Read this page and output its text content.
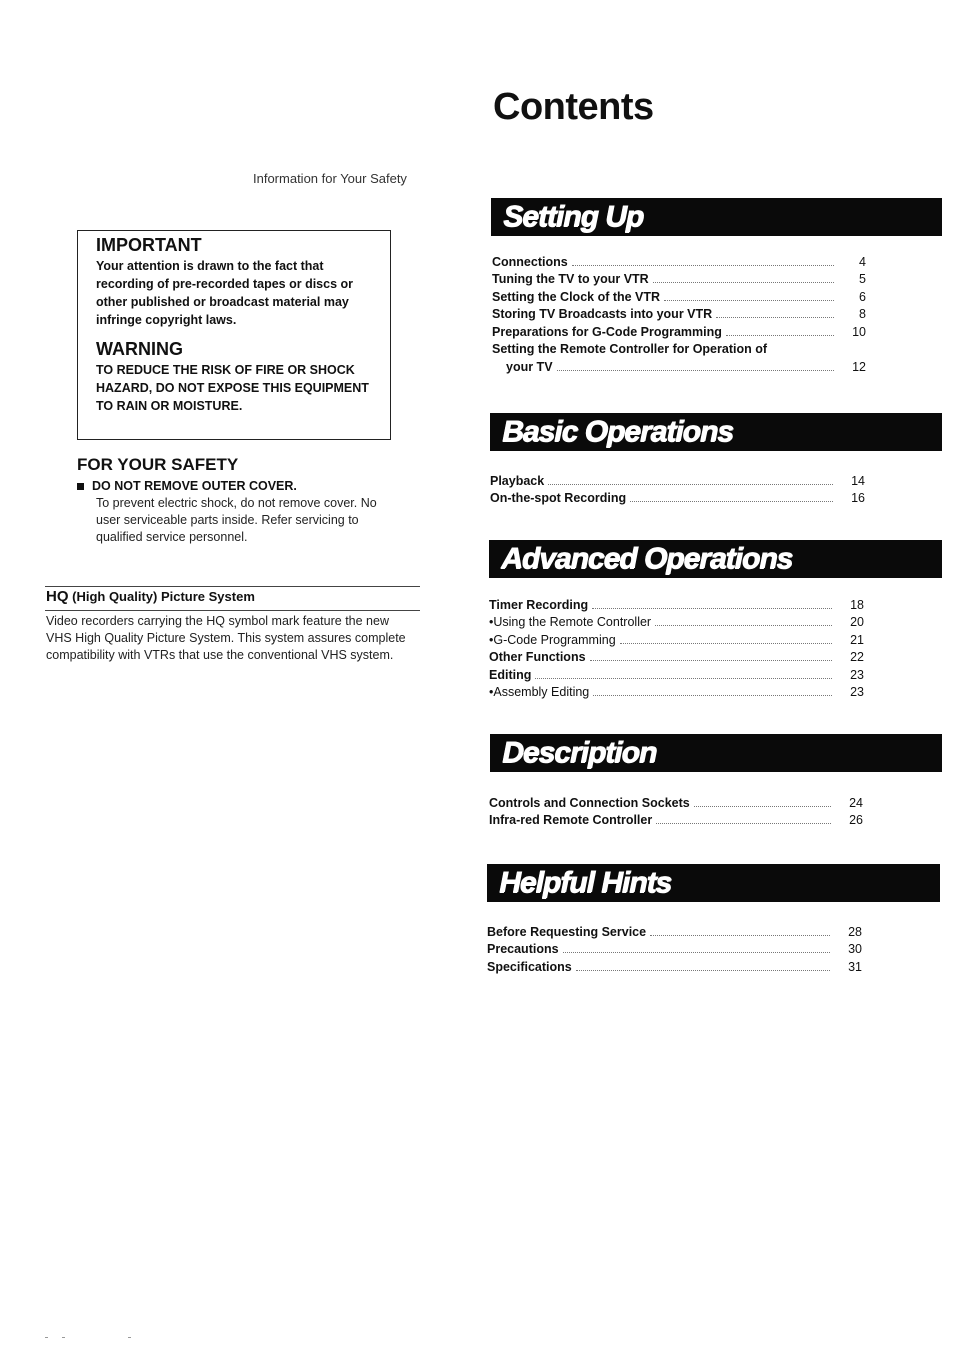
Contents
Information for Your Safety

IMPORTANT

Your attention is drawn to the fact that recording of pre-recorded tapes or discs or other published or broadcast material may infringe copyright laws.

WARNING

TO REDUCE THE RISK OF FIRE OR SHOCK HAZARD, DO NOT EXPOSE THIS EQUIPMENT TO RAIN OR MOISTURE.

FOR YOUR SAFETY
DO NOT REMOVE OUTER COVER.
To prevent electric shock, do not remove cover. No user serviceable parts inside. Refer servicing to qualified service personnel.
HQ (High Quality) Picture System
Video recorders carrying the HQ symbol mark feature the new VHS High Quality Picture System. This system assures complete compatibility with VTRs that use the conventional VHS system.
Setting Up
Connections	4
Tuning the TV to your VTR	5
Setting the Clock of the VTR	6
Storing TV Broadcasts into your VTR	8
Preparations for G-Code Programming	10
Setting the Remote Controller for Operation of
your TV	12
Basic Operations
Playback	14
On-the-spot Recording	16
Advanced Operations
Timer Recording	18
•Using the Remote Controller	20
•G-Code Programming	21
Other Functions	22
Editing	23
•Assembly Editing	23
Description
Controls and Connection Sockets	24
Infra-red Remote Controller	26
Helpful Hints
Before Requesting Service	28
Precautions	30
Specifications	31
